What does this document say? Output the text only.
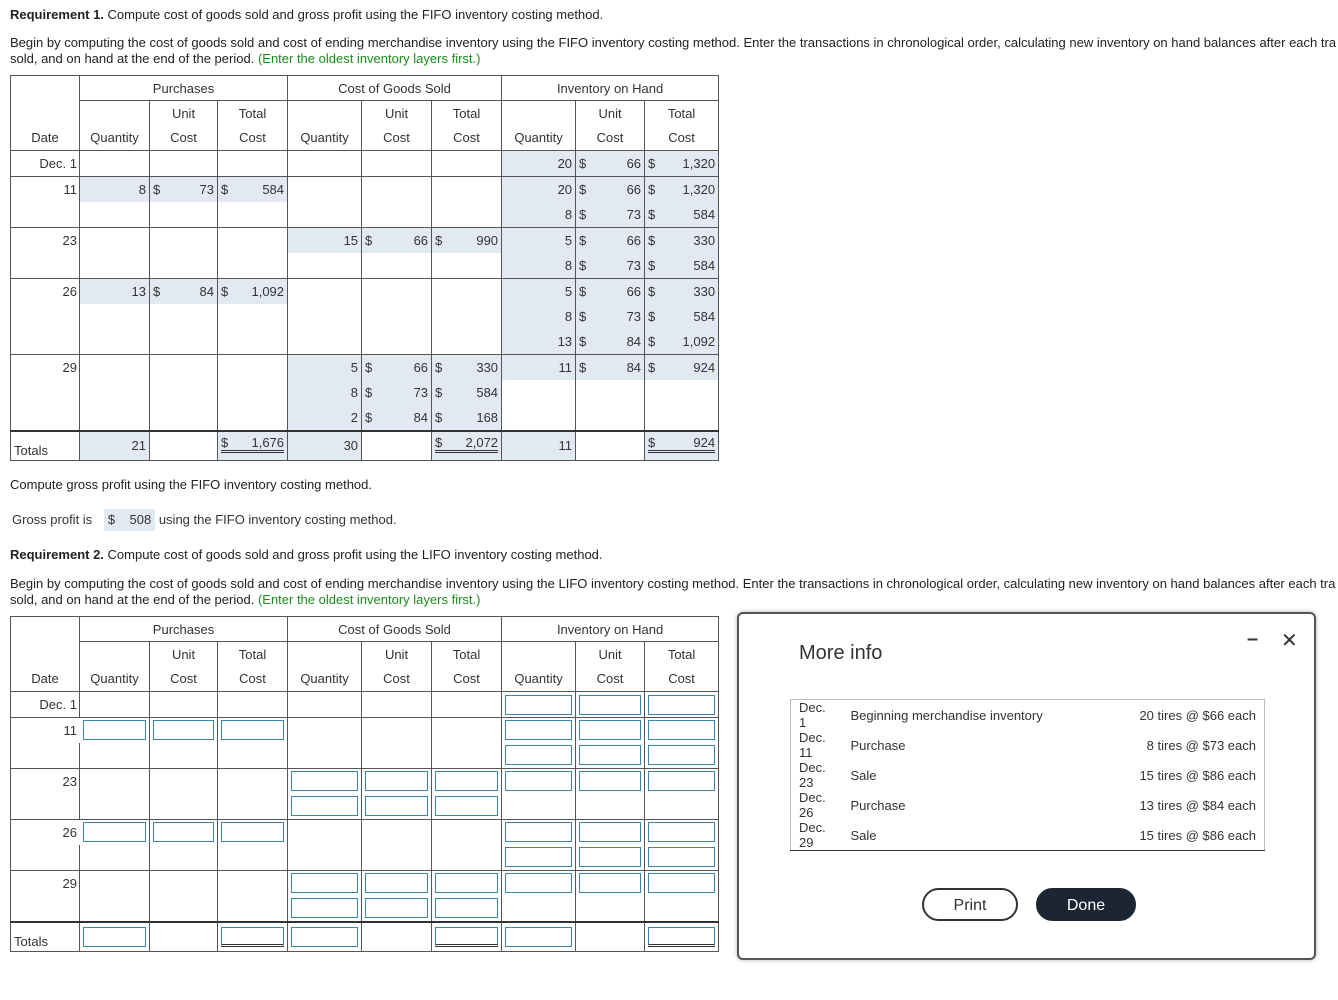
Requirement 1. Compute cost of goods sold and gross profit using the FIFO inventory costing method.
Begin by computing the cost of goods sold and cost of ending merchandise inventory using the FIFO inventory costing method. Enter the transactions in chronological order, calculating new inventory on hand balances after each tra
sold, and on hand at the end of the period. (Enter the oldest inventory layers first.)
	Purchases			Cost of Goods Sold			Inventory on Hand		
		Unit	Total		Unit	Total		Unit	Total
Date	Quantity	Cost	Cost	Quantity	Cost	Cost	Quantity	Cost	Cost
Dec. 1							20	$ 66	$ 1,320
11	8	$ 73	$ 584				20	$ 66	$ 1,320
							8	$ 73	$ 584
23				15	$ 66	$ 990	5	$ 66	$ 330
							8	$ 73	$ 584
26	13	$ 84	$ 1,092				5	$ 66	$ 330
							8	$ 73	$ 584
							13	$ 84	$ 1,092
29				5	$ 66	$ 330	11	$ 84	$ 924
				8	$ 73	$ 584			
				2	$ 84	$ 168			
Totals	21		$ 1,676	30		$ 2,072	11		$ 924
Compute gross profit using the FIFO inventory costing method.
Gross profit is $ 508 using the FIFO inventory costing method.
Requirement 2. Compute cost of goods sold and gross profit using the LIFO inventory costing method.
Begin by computing the cost of goods sold and cost of ending merchandise inventory using the LIFO inventory costing method. Enter the transactions in chronological order, calculating new inventory on hand balances after each tra
sold, and on hand at the end of the period. (Enter the oldest inventory layers first.)
	Purchases			Cost of Goods Sold			Inventory on Hand		
		Unit	Total		Unit	Total		Unit	Total
Date	Quantity	Cost	Cost	Quantity	Cost	Cost	Quantity	Cost	Cost
Dec. 1							

11	

23				

26	

29				

Totals	

More info
– ✕
Dec. 1	Beginning merchandise inventory	20 tires @ $66 each
Dec. 11	Purchase	8 tires @ $73 each
Dec. 23	Sale	15 tires @ $86 each
Dec. 26	Purchase	13 tires @ $84 each
Dec. 29	Sale	15 tires @ $86 each
Print	Done
